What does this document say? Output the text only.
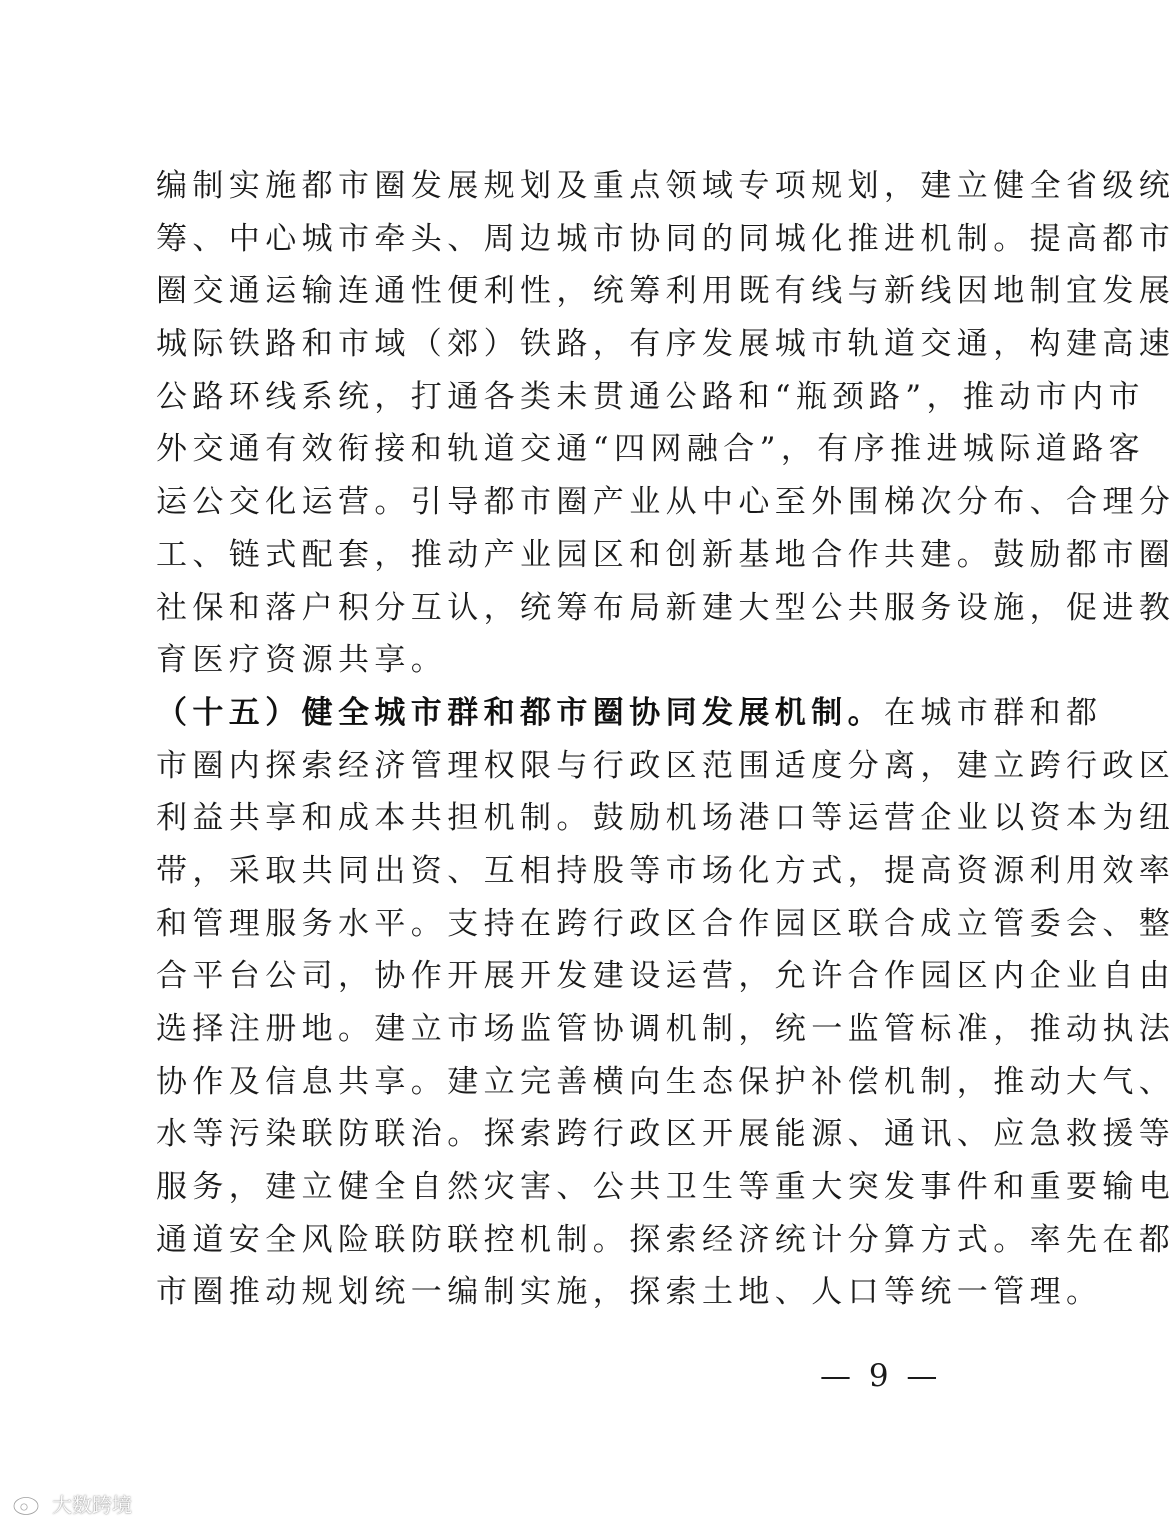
编制实施都市圈发展规划及重点领域专项规划，建立健全省级统
筹、中心城市牵头、周边城市协同的同城化推进机制。提高都市
圈交通运输连通性便利性，统筹利用既有线与新线因地制宜发展
城际铁路和市域（郊）铁路，有序发展城市轨道交通，构建高速
公路环线系统，打通各类未贯通公路和“瓶颈路”，推动市内市
外交通有效衔接和轨道交通“四网融合”，有序推进城际道路客
运公交化运营。引导都市圈产业从中心至外围梯次分布、合理分
工、链式配套，推动产业园区和创新基地合作共建。鼓励都市圈
社保和落户积分互认，统筹布局新建大型公共服务设施，促进教
育医疗资源共享。
（十五）健全城市群和都市圈协同发展机制。在城市群和都
市圈内探索经济管理权限与行政区范围适度分离，建立跨行政区
利益共享和成本共担机制。鼓励机场港口等运营企业以资本为纽
带，采取共同出资、互相持股等市场化方式，提高资源利用效率
和管理服务水平。支持在跨行政区合作园区联合成立管委会、整
合平台公司，协作开展开发建设运营，允许合作园区内企业自由
选择注册地。建立市场监管协调机制，统一监管标准，推动执法
协作及信息共享。建立完善横向生态保护补偿机制，推动大气、
水等污染联防联治。探索跨行政区开展能源、通讯、应急救援等
服务，建立健全自然灾害、公共卫生等重大突发事件和重要输电
通道安全风险联防联控机制。探索经济统计分算方式。率先在都
市圈推动规划统一编制实施，探索土地、人口等统一管理。
— 9 —
大数跨境
